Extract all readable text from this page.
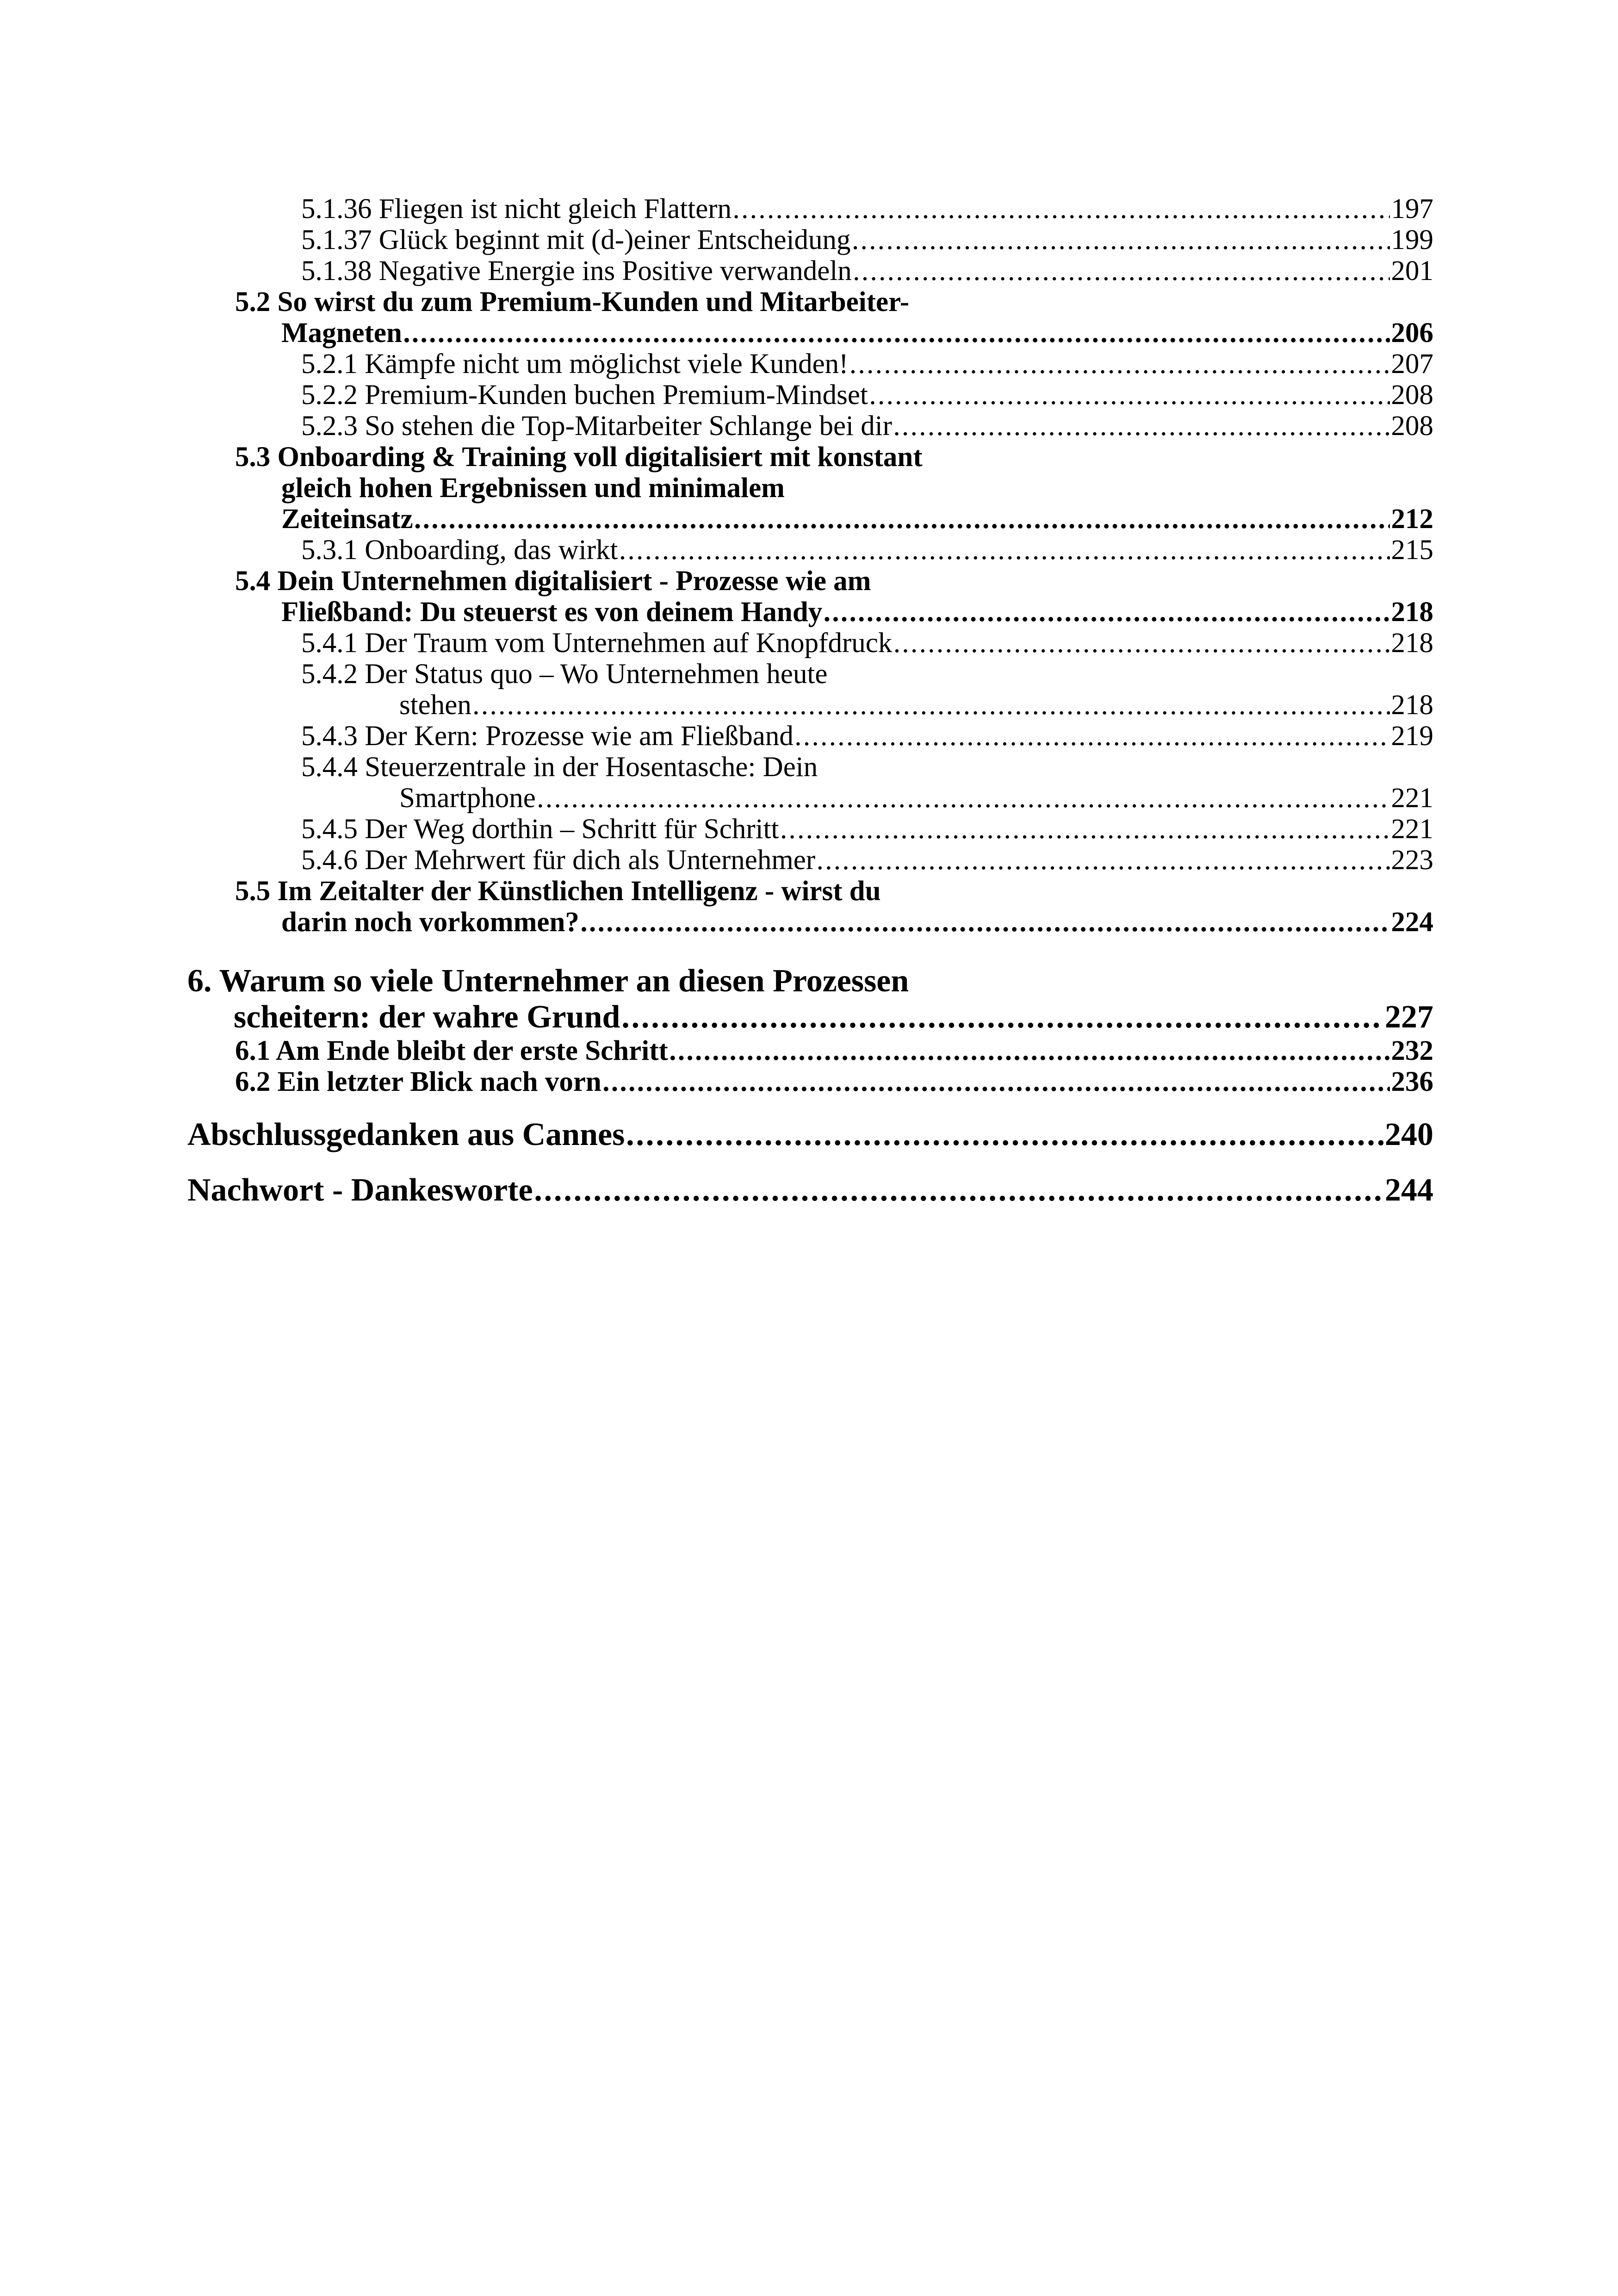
5.1.36 Fliegen ist nicht gleich Flattern .....	197
5.1.37 Glück beginnt mit (d-)einer Entscheidung .....	199
5.1.38 Negative Energie ins Positive verwandeln .....	201
5.2 So wirst du zum Premium-Kunden und Mitarbeiter-
Magneten .....	206
5.2.1 Kämpfe nicht um möglichst viele Kunden! .....	207
5.2.2 Premium-Kunden buchen Premium-Mindset .....	208
5.2.3 So stehen die Top-Mitarbeiter Schlange bei dir .....	208
5.3 Onboarding & Training voll digitalisiert mit konstant
gleich hohen Ergebnissen und minimalem
Zeiteinsatz .....	212
5.3.1 Onboarding, das wirkt .....	215
5.4 Dein Unternehmen digitalisiert - Prozesse wie am
Fließband: Du steuerst es von deinem Handy .....	218
5.4.1 Der Traum vom Unternehmen auf Knopfdruck .....	218
5.4.2 Der Status quo – Wo Unternehmen heute
stehen .....	218
5.4.3 Der Kern: Prozesse wie am Fließband .....	219
5.4.4 Steuerzentrale in der Hosentasche: Dein
Smartphone .....	221
5.4.5 Der Weg dorthin – Schritt für Schritt .....	221
5.4.6 Der Mehrwert für dich als Unternehmer .....	223
5.5 Im Zeitalter der Künstlichen Intelligenz - wirst du
darin noch vorkommen? .....	224
6. Warum so viele Unternehmer an diesen Prozessen
scheitern: der wahre Grund .....	227
6.1 Am Ende bleibt der erste Schritt .....	232
6.2 Ein letzter Blick nach vorn .....	236
Abschlussgedanken aus Cannes .....	240
Nachwort - Dankesworte .....	244
